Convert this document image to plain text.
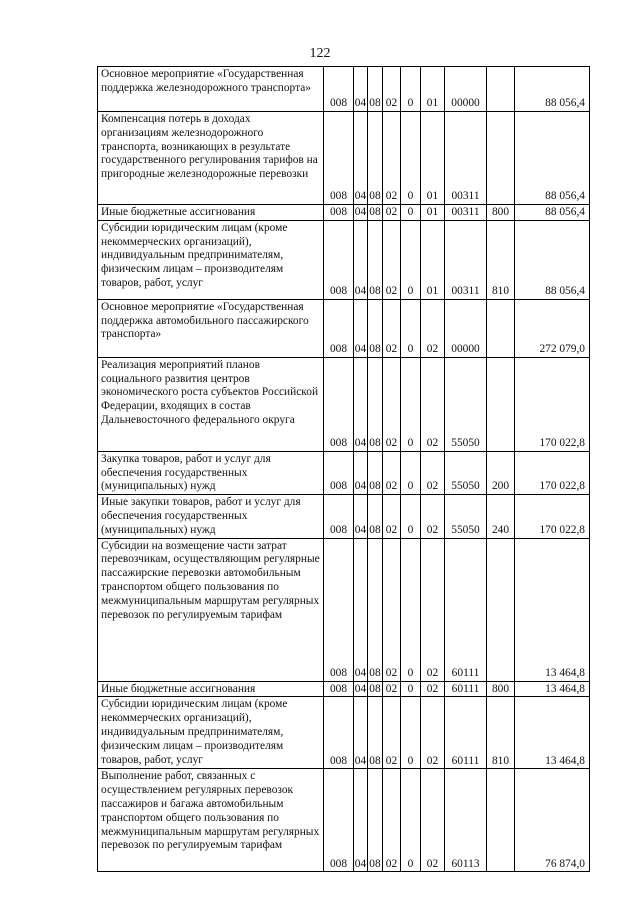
122
Основное мероприятие «Государственная поддержка железнодорожного транспорта»	008	04	08	02	0	01	00000		88 056,4

Компенсация потерь в доходах организациям железнодорожного транспорта, возникающих в результате государственного регулирования тарифов на пригородные железнодорожные перевозки	008	04	08	02	0	01	00311		88 056,4

Иные бюджетные ассигнования	008	04	08	02	0	01	00311	800	88 056,4

Субсидии юридическим лицам (кроме некоммерческих организаций), индивидуальным предпринимателям, физическим лицам – производителям товаров, работ, услуг	008	04	08	02	0	01	00311	810	88 056,4

Основное мероприятие «Государственная поддержка автомобильного пассажирского транспорта»	008	04	08	02	0	02	00000		272 079,0

Реализация мероприятий планов социального развития центров экономического роста субъектов Российской Федерации, входящих в состав Дальневосточного федерального округа	008	04	08	02	0	02	55050		170 022,8

Закупка товаров, работ и услуг для обеспечения государственных (муниципальных) нужд	008	04	08	02	0	02	55050	200	170 022,8

Иные закупки товаров, работ и услуг для обеспечения государственных (муниципальных) нужд	008	04	08	02	0	02	55050	240	170 022,8

Субсидии на возмещение части затрат перевозчикам, осуществляющим регулярные пассажирские перевозки автомобильным транспортом общего пользования по межмуниципальным маршрутам регулярных перевозок по регулируемым тарифам	008	04	08	02	0	02	60111		13 464,8

Иные бюджетные ассигнования	008	04	08	02	0	02	60111	800	13 464,8

Субсидии юридическим лицам (кроме некоммерческих организаций), индивидуальным предпринимателям, физическим лицам – производителям товаров, работ, услуг	008	04	08	02	0	02	60111	810	13 464,8

Выполнение работ, связанных с осуществлением регулярных перевозок пассажиров и багажа автомобильным транспортом общего пользования по межмуниципальным маршрутам регулярных перевозок по регулируемым тарифам	008	04	08	02	0	02	60113		76 874,0
